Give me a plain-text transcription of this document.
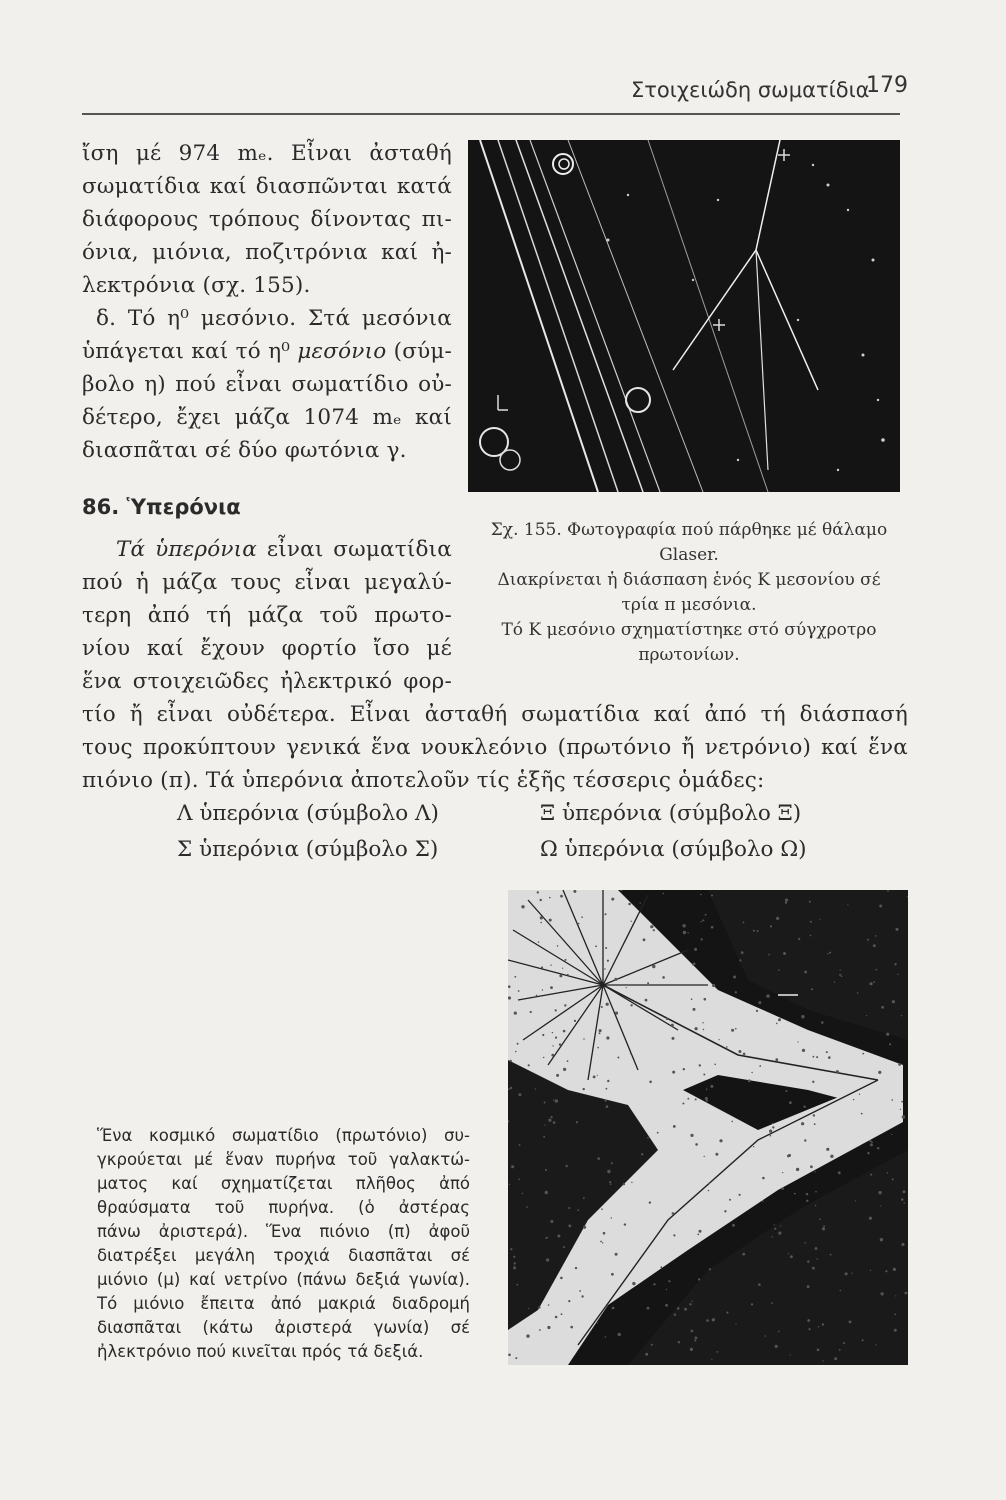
Στοιχειώδη σωματίδια
179
ἴση μέ 974 mₑ. Εἶναι ἀσταθή
σωματίδια καί διασπῶνται κατά
διάφορους τρόπους δίνοντας πι-
όνια, μιόνια, ποζιτρόνια καί ἠ-
λεκτρόνια (σχ. 155).
δ. Τό η⁰ μεσόνιο. Στά μεσόνια
ὑπάγεται καί τό η⁰ μεσόνιο (σύμ-
βολο η) πού εἶναι σωματίδιο οὐ-
δέτερο, ἔχει μάζα 1074 mₑ καί
διασπᾶται σέ δύο φωτόνια γ.
Σχ. 155. Φωτογραφία πού πάρθηκε μέ θάλαμο
Glaser.
Διακρίνεται ἡ διάσπαση ἑνός Κ μεσονίου σέ
τρία π μεσόνια.
Τό Κ μεσόνιο σχηματίστηκε στό σύγχροτρο
πρωτονίων.
86. Ὑπερόνια
Τά ὑπερόνια εἶναι σωματίδια
πού ἡ μάζα τους εἶναι μεγαλύ-
τερη ἀπό τή μάζα τοῦ πρωτο-
νίου καί ἔχουν φορτίο ἴσο μέ
ἕνα στοιχειῶδες ἠλεκτρικό φορ-
τίο ἤ εἶναι οὐδέτερα. Εἶναι ἀσταθή σωματίδια καί ἀπό τή διάσπασή
τους προκύπτουν γενικά ἕνα νουκλεόνιο (πρωτόνιο ἤ νετρόνιο) καί ἕνα
πιόνιο (π). Τά ὑπερόνια ἀποτελοῦν τίς ἑξῆς τέσσερις ὁμάδες:
Λ ὑπερόνια (σύμβολο Λ)
Σ ὑπερόνια (σύμβολο Σ)
Ξ ὑπερόνια (σύμβολο Ξ)
Ω ὑπερόνια (σύμβολο Ω)
Ἕνα κοσμικό σωματίδιο (πρωτόνιο) συ-
γκρούεται μέ ἕναν πυρήνα τοῦ γαλακτώ-
ματος καί σχηματίζεται πλῆθος ἀπό
θραύσματα τοῦ πυρήνα. (ὁ ἀστέρας
πάνω ἀριστερά). Ἕνα πιόνιο (π) ἀφοῦ
διατρέξει μεγάλη τροχιά διασπᾶται σέ
μιόνιο (μ) καί νετρίνο (πάνω δεξιά γωνία).
Τό μιόνιο ἔπειτα ἀπό μακριά διαδρομή
διασπᾶται (κάτω ἀριστερά γωνία) σέ
ἠλεκτρόνιο πού κινεῖται πρός τά δεξιά.
